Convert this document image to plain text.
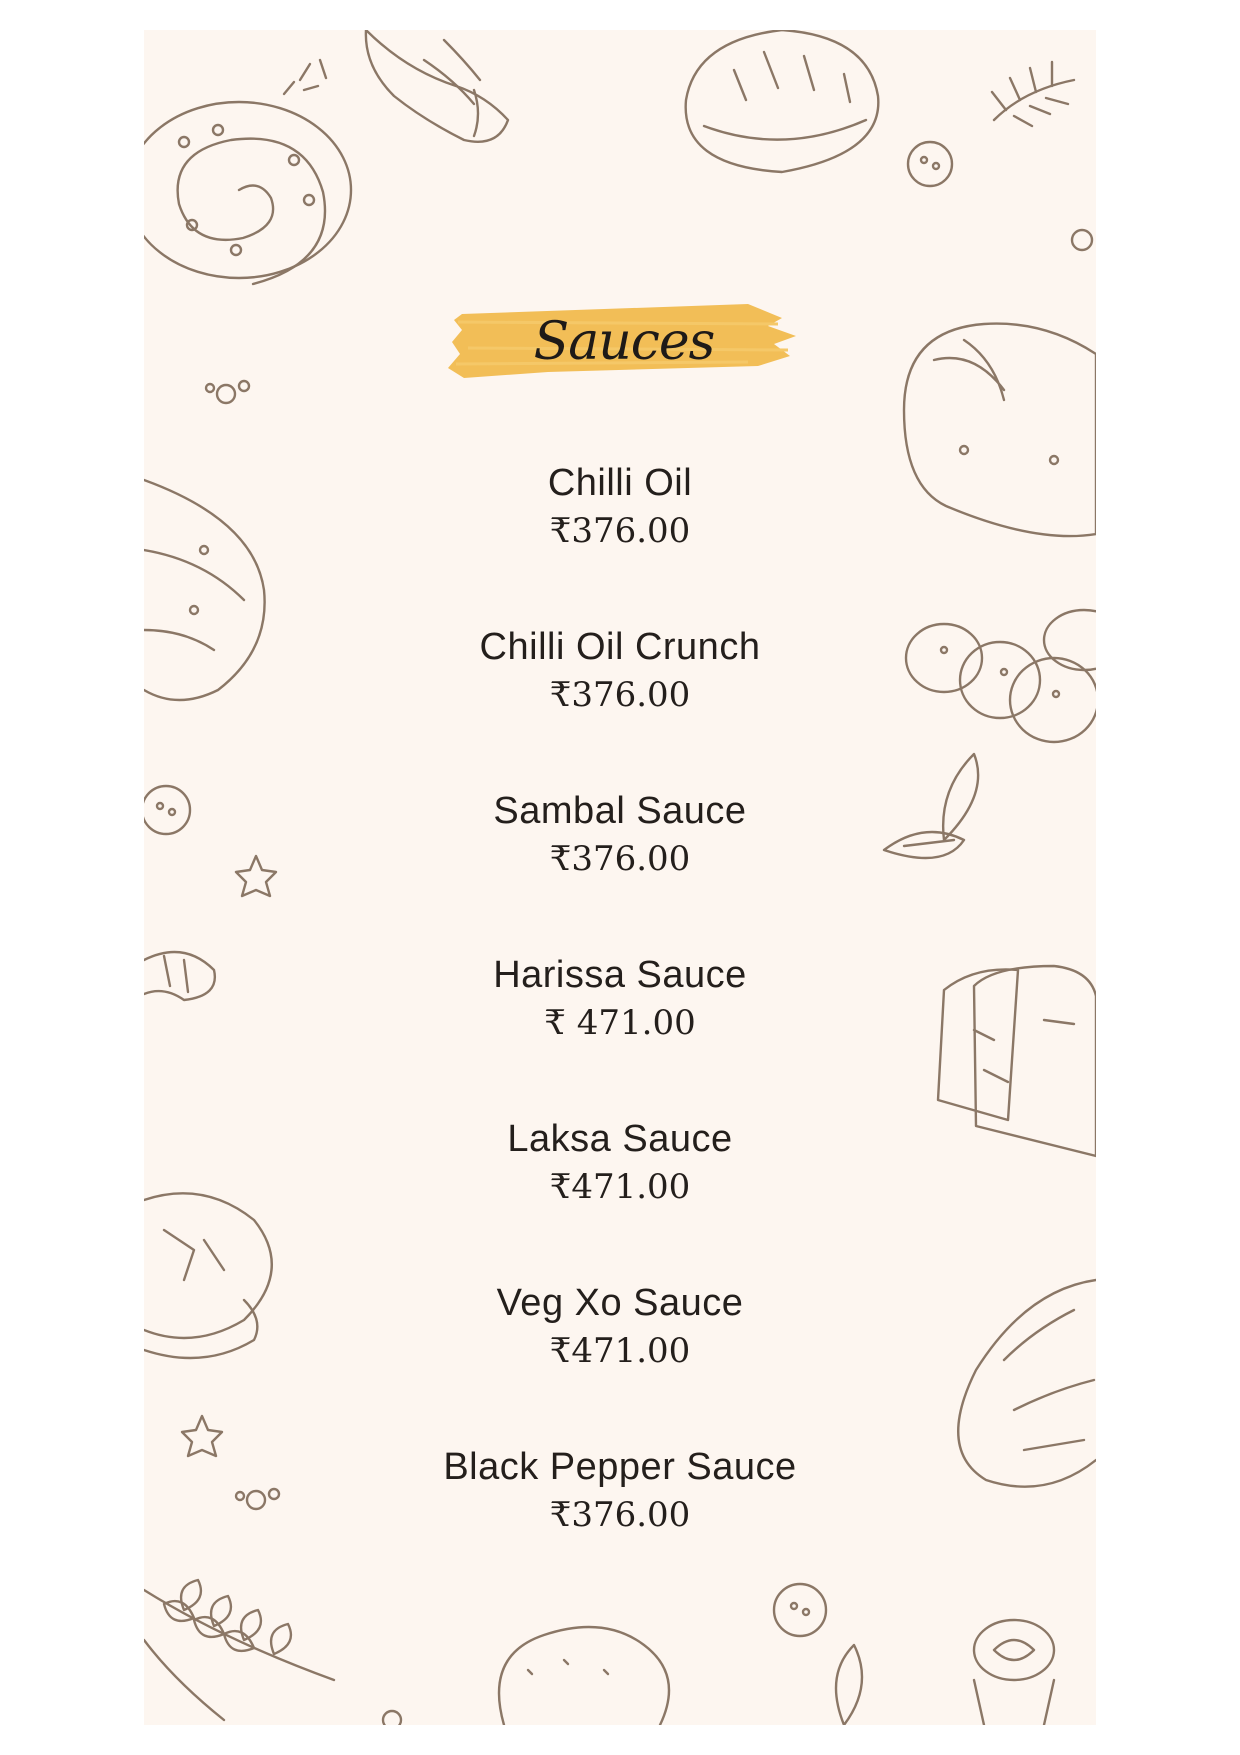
Sauces
Chilli Oil
₹376.00
Chilli Oil Crunch
₹376.00
Sambal Sauce
₹376.00
Harissa Sauce
₹ 471.00
Laksa Sauce
₹471.00
Veg Xo Sauce
₹471.00
Black Pepper Sauce
₹376.00
